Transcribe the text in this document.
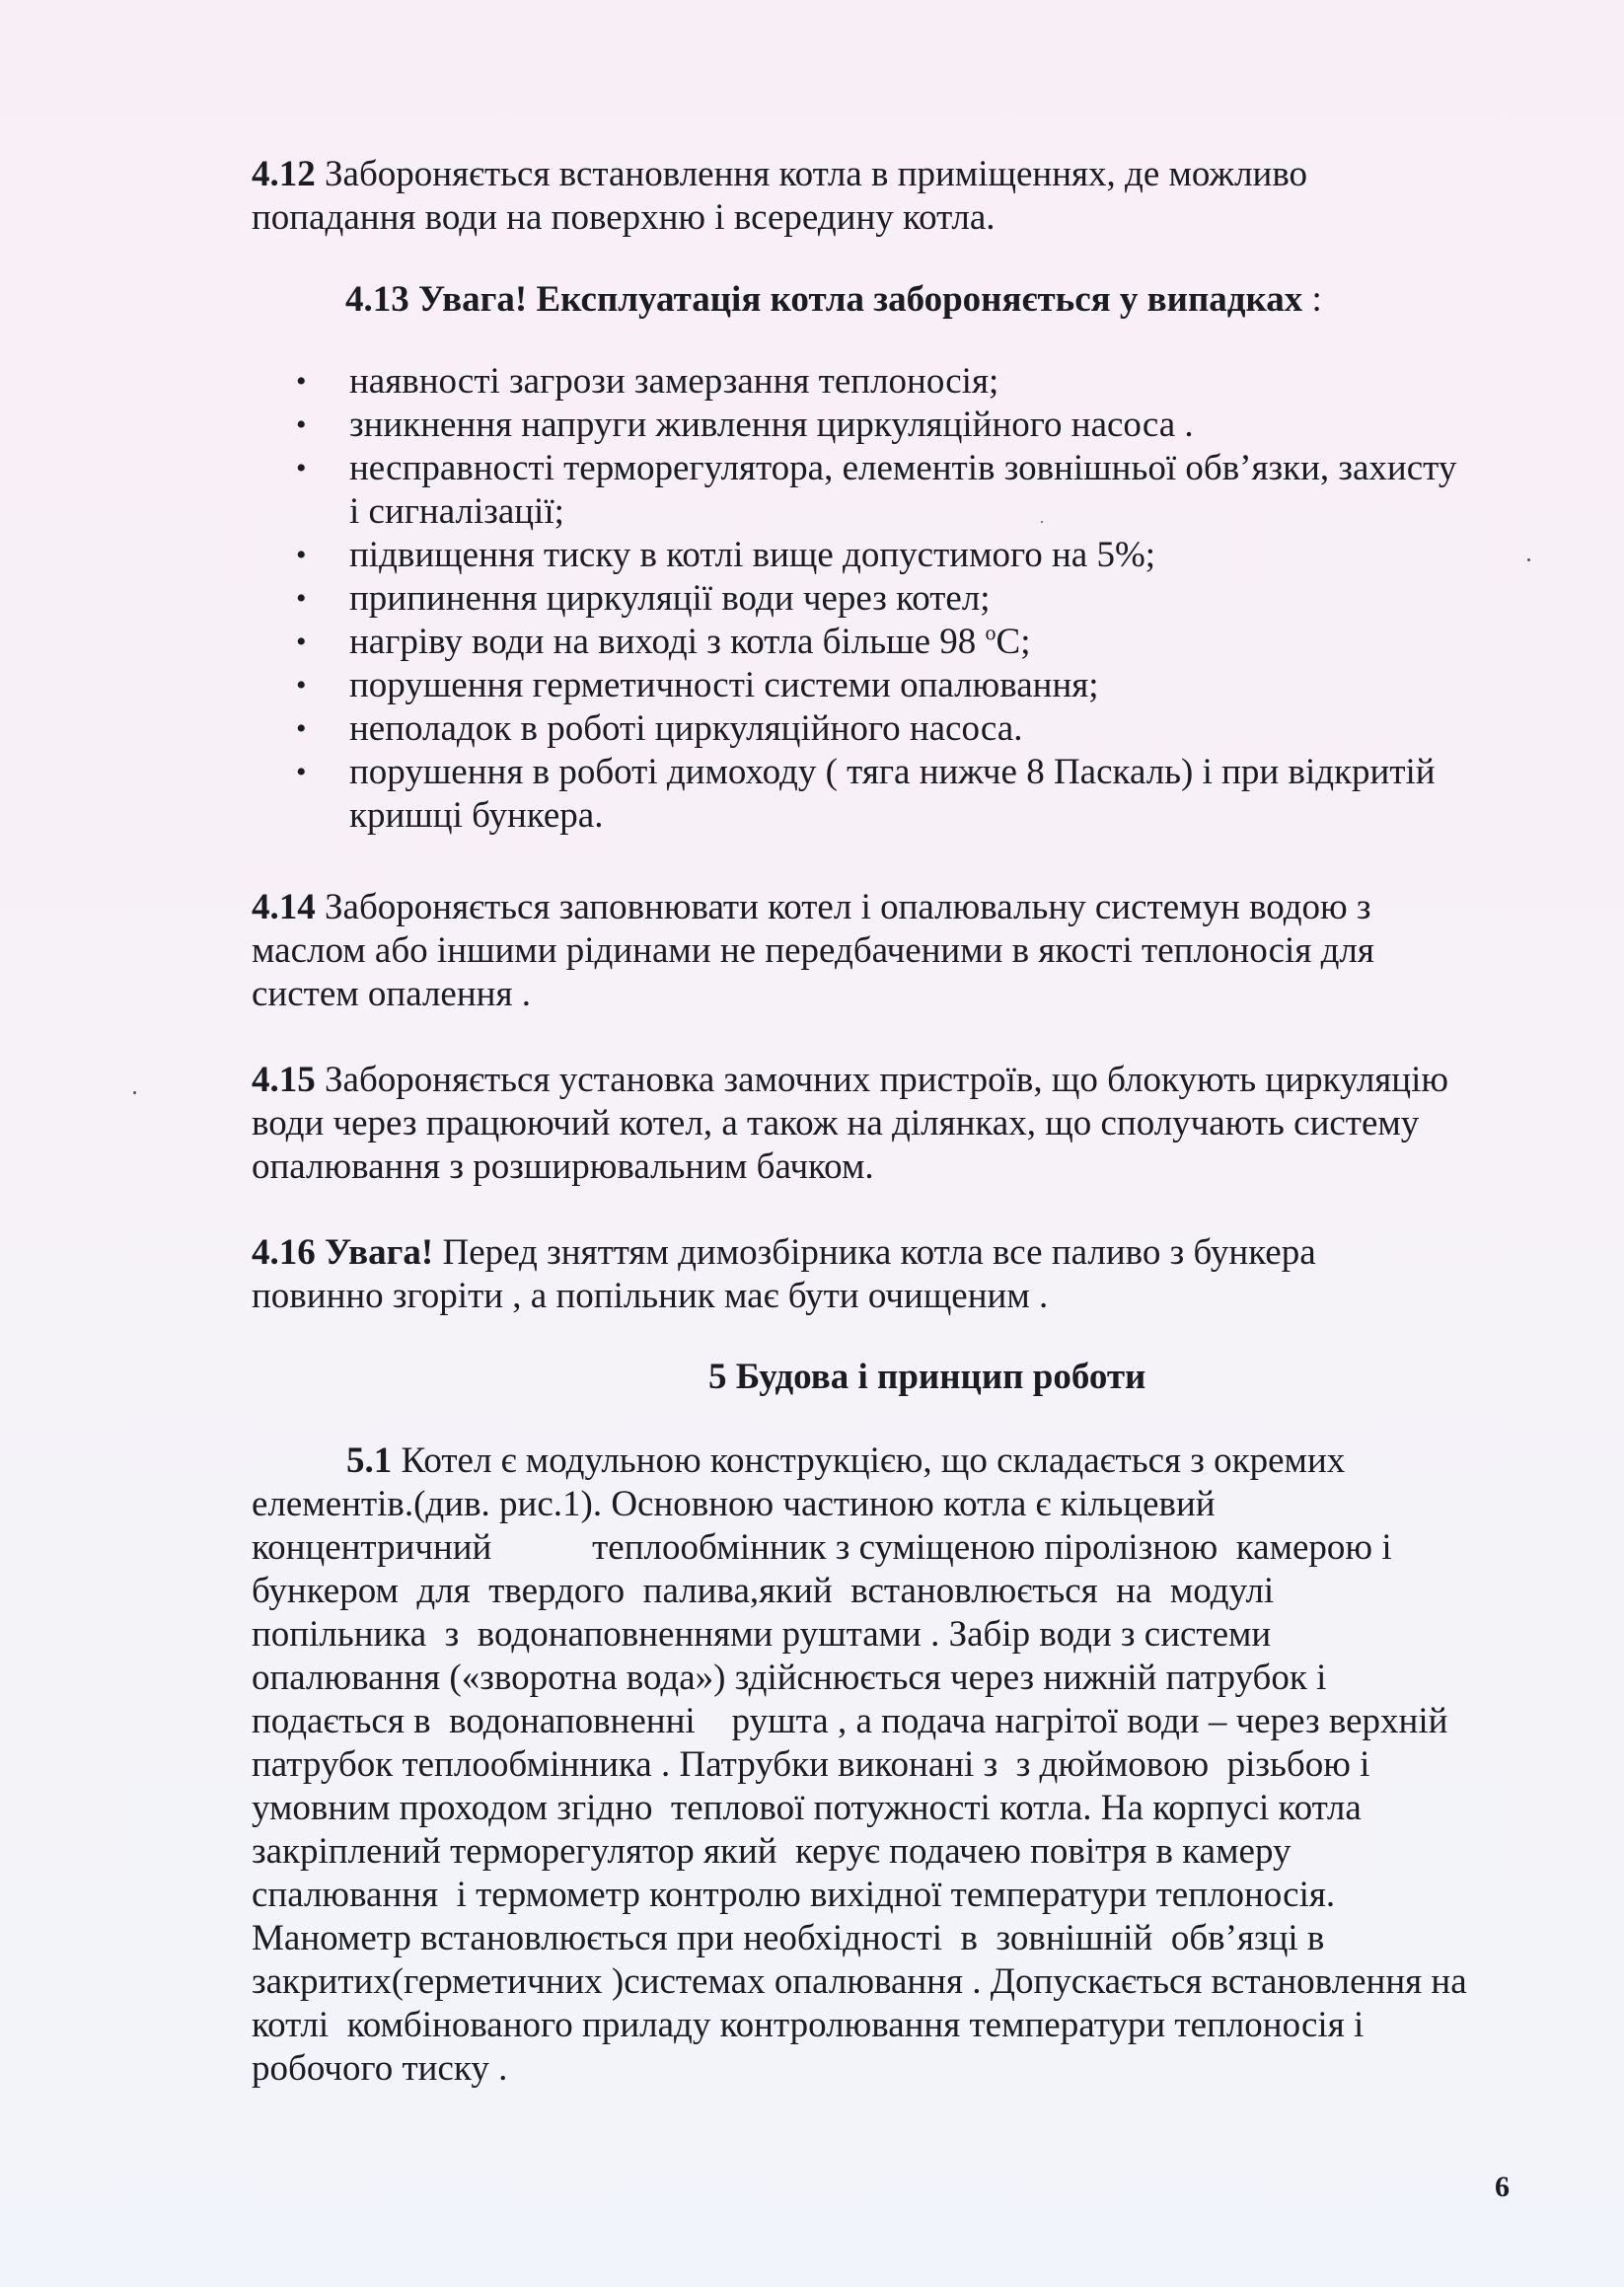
4.12 Забороняється встановлення котла в приміщеннях, де можливо
попадання води на поверхню і всередину котла.
4.13 Увага! Експлуатація котла забороняється у випадках :
• наявності загрози замерзання теплоносія;
• зникнення напруги живлення циркуляційного насоса .
• несправності терморегулятора, елементів зовнішньої обв’язки, захисту
і сигналізації;
• підвищення тиску в котлі вище допустимого на 5%;
• припинення циркуляції води через котел;
• нагріву води на виході з котла більше 98 $^o$С;
• порушення герметичності системи опалювання;
• неполадок в роботі циркуляційного насоса.
• порушення в роботі димоходу ( тяга нижче 8 Паскаль) і при відкритій
кришці бункера.
4.14 Забороняється заповнювати котел і опалювальну системун водою з
маслом або іншими рідинами не передбаченими в якості теплоносія для
систем опалення .
4.15 Забороняється установка замочних пристроїв, що блокують циркуляцію
води через працюючий котел, а також на ділянках, що сполучають систему
опалювання з розширювальним бачком.
4.16 Увага! Перед зняттям димозбірника котла все паливо з бункера
повинно згоріти , а попільник має бути очищеним .
5 Будова і принцип роботи
5.1 Котел є модульною конструкцією, що складається з окремих
елементів.(див. рис.1). Основною частиною котла є кільцевий
концентричний           теплообмінник з суміщеною піролізною  камерою і
бункером  для  твердого  палива,який  встановлюється  на  модулі
попільника  з  водонаповненнями руштами . Забір води з системи
опалювання («зворотна вода») здійснюється через нижній патрубок і
подається в  водонаповненні    рушта , а подача нагрітої води – через верхній
патрубок теплообмінника . Патрубки виконані з  з дюймовою  різьбою і
умовним проходом згідно  теплової потужності котла. На корпусі котла
закріплений терморегулятор який  керує подачею повітря в камеру
спалювання  і термометр контролю вихідної температури теплоносія.
Манометр встановлюється при необхідності  в  зовнішній  обв’язці в
закритих(герметичних )системах опалювання . Допускається встановлення на
котлі  комбінованого приладу контролювання температури теплоносія і
робочого тиску .
6
